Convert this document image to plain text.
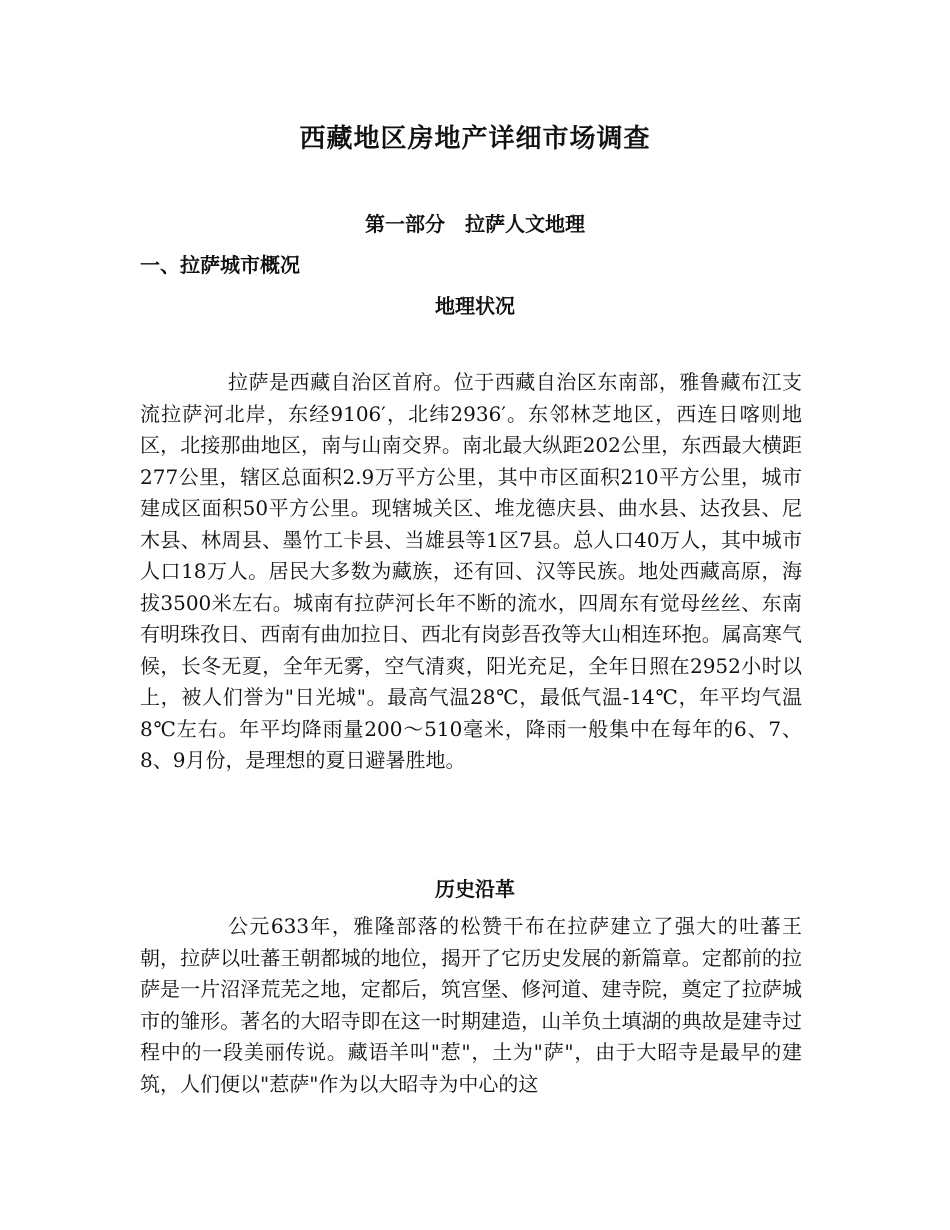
西藏地区房地产详细市场调查
第一部分　拉萨人文地理
一、拉萨城市概况
地理状况

拉萨是西藏自治区首府。位于西藏自治区东南部，雅鲁藏布江支流拉萨河北岸，东经9106′，北纬2936′。东邻林芝地区，西连日喀则地区，北接那曲地区，南与山南交界。南北最大纵距202公里，东西最大横距277公里，辖区总面积2.9万平方公里，其中市区面积210平方公里，城市建成区面积50平方公里。现辖城关区、堆龙德庆县、曲水县、达孜县、尼木县、林周县、墨竹工卡县、当雄县等1区7县。总人口40万人，其中城市人口18万人。居民大多数为藏族，还有回、汉等民族。地处西藏高原，海拔3500米左右。城南有拉萨河长年不断的流水，四周东有觉母丝丝、东南有明珠孜日、西南有曲加拉日、西北有岗彭吾孜等大山相连环抱。属高寒气候，长冬无夏，全年无雾，空气清爽，阳光充足，全年日照在2952小时以上，被人们誉为"日光城"。最高气温28℃，最低气温-14℃，年平均气温8℃左右。年平均降雨量200～510毫米，降雨一般集中在每年的6、7、8、9月份，是理想的夏日避暑胜地。

历史沿革

公元633年，雅隆部落的松赞干布在拉萨建立了强大的吐蕃王朝，拉萨以吐蕃王朝都城的地位，揭开了它历史发展的新篇章。定都前的拉萨是一片沼泽荒芜之地，定都后，筑宫堡、修河道、建寺院，奠定了拉萨城市的雏形。著名的大昭寺即在这一时期建造，山羊负土填湖的典故是建寺过程中的一段美丽传说。藏语羊叫"惹"，土为"萨"，由于大昭寺是最早的建筑，人们便以"惹萨"作为以大昭寺为中心的这
